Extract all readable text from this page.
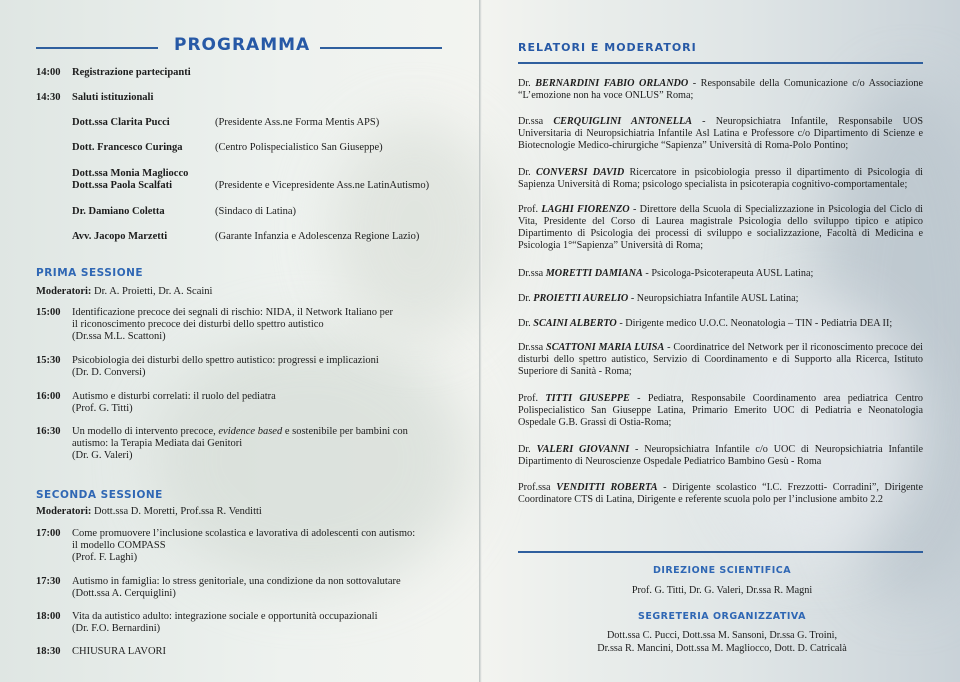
PROGRAMMA
14:00 Registrazione partecipanti
14:30 Saluti istituzionali
Dott.ssa Clarita Pucci	(Presidente Ass.ne Forma Mentis APS)
Dott. Francesco Curinga	(Centro Polispecialistico San Giuseppe)
Dott.ssa Monia Magliocco
Dott.ssa Paola Scalfati	(Presidente e Vicepresidente Ass.ne LatinAutismo)
Dr. Damiano Coletta	(Sindaco di Latina)
Avv. Jacopo Marzetti	(Garante Infanzia e Adolescenza Regione Lazio)
PRIMA SESSIONE
Moderatori: Dr. A. Proietti, Dr. A. Scaini
15:00 Identificazione precoce dei segnali di rischio: NIDA, il Network Italiano per
il riconoscimento precoce dei disturbi dello spettro autistico
(Dr.ssa M.L. Scattoni)
15:30 Psicobiologia dei disturbi dello spettro autistico: progressi e implicazioni
(Dr. D. Conversi)
16:00 Autismo e disturbi correlati: il ruolo del pediatra
(Prof. G. Titti)
16:30 Un modello di intervento precoce, evidence based e sostenibile per bambini con
autismo: la Terapia Mediata dai Genitori
(Dr. G. Valeri)
SECONDA SESSIONE
Moderatori: Dott.ssa D. Moretti, Prof.ssa R. Venditti
17:00 Come promuovere l’inclusione scolastica e lavorativa di adolescenti con autismo:
il modello COMPASS
(Prof. F. Laghi)
17:30 Autismo in famiglia: lo stress genitoriale, una condizione da non sottovalutare
(Dott.ssa A. Cerquiglini)
18:00 Vita da autistico adulto: integrazione sociale e opportunità occupazionali
(Dr. F.O. Bernardini)
18:30 CHIUSURA LAVORI
RELATORI E MODERATORI
Dr. BERNARDINI FABIO ORLANDO - Responsabile della Comunicazione c/o Associazione “L’emozione non ha voce ONLUS” Roma;
Dr.ssa CERQUIGLINI ANTONELLA - Neuropsichiatra Infantile, Responsabile UOS Universitaria di Neuropsichiatria Infantile Asl Latina e Professore c/o Dipartimento di Scienze e Biotecnologie Medico-chirurgiche “Sapienza” Università di Roma-Polo Pontino;
Dr. CONVERSI DAVID Ricercatore in psicobiologia presso il dipartimento di Psicologia di Sapienza Università di Roma; psicologo specialista in psicoterapia cognitivo-comportamentale;
Prof. LAGHI FIORENZO - Direttore della Scuola di Specializzazione in Psicologia del Ciclo di Vita, Presidente del Corso di Laurea magistrale Psicologia dello sviluppo tipico e atipico Dipartimento di Psicologia dei processi di sviluppo e socializzazione, Facoltà di Medicina e Psicologia 1°“Sapienza” Università di Roma;
Dr.ssa MORETTI DAMIANA - Psicologa-Psicoterapeuta AUSL Latina;
Dr. PROIETTI AURELIO - Neuropsichiatra Infantile AUSL Latina;
Dr. SCAINI ALBERTO - Dirigente medico U.O.C. Neonatologia – TIN - Pediatria DEA II;
Dr.ssa SCATTONI MARIA LUISA - Coordinatrice del Network per il riconoscimento precoce dei disturbi dello spettro autistico, Servizio di Coordinamento e di Supporto alla Ricerca, Istituto Superiore di Sanità - Roma;
Prof. TITTI GIUSEPPE - Pediatra, Responsabile Coordinamento area pediatrica Centro Polispecialistico San Giuseppe Latina, Primario Emerito UOC di Pediatria e Neonatologia Ospedale G.B. Grassi di Ostia-Roma;
Dr. VALERI GIOVANNI - Neuropsichiatra Infantile c/o UOC di Neuropsichiatria Infantile Dipartimento di Neuroscienze Ospedale Pediatrico Bambino Gesù - Roma
Prof.ssa VENDITTI ROBERTA - Dirigente scolastico “I.C. Frezzotti- Corradini”, Dirigente Coordinatore CTS di Latina, Dirigente e referente scuola polo per l’inclusione ambito 2.2
DIREZIONE SCIENTIFICA
Prof. G. Titti, Dr. G. Valeri, Dr.ssa R. Magni
SEGRETERIA ORGANIZZATIVA
Dott.ssa C. Pucci, Dott.ssa M. Sansoni, Dr.ssa G. Troini,
Dr.ssa R. Mancini, Dott.ssa M. Magliocco, Dott. D. Catricalà
